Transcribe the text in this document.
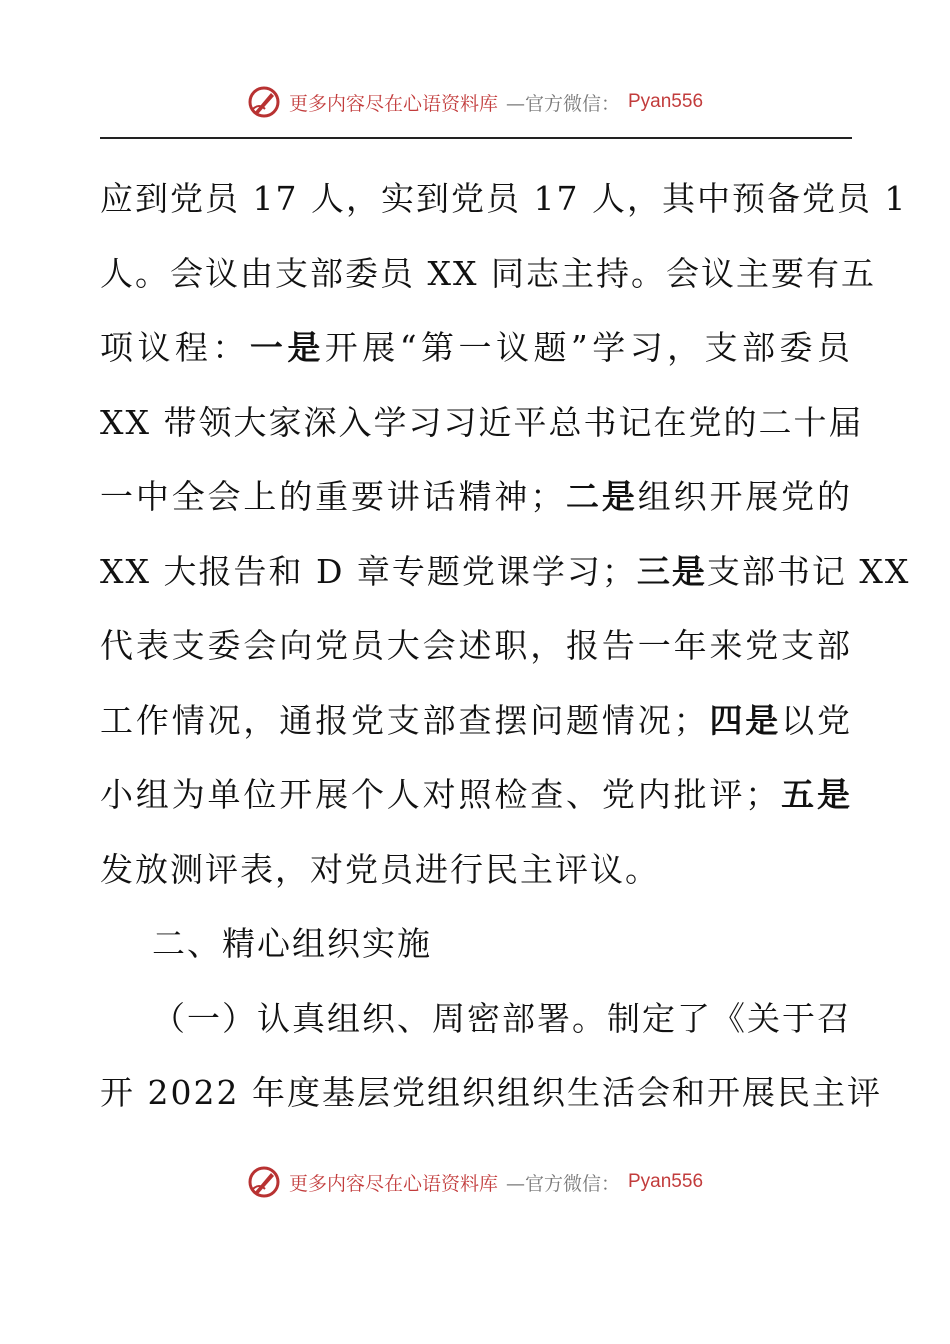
更多内容尽在心语资料库 —官方微信： Pyan556
应到党员 17 人，实到党员 17 人，其中预备党员 1
人。会议由支部委员 XX 同志主持。会议主要有五
项议程：一是开展“第一议题”学习，支部委员
XX 带领大家深入学习习近平总书记在党的二十届
一中全会上的重要讲话精神；二是组织开展党的
XX 大报告和 D 章专题党课学习；三是支部书记 XX
代表支委会向党员大会述职，报告一年来党支部
工作情况，通报党支部查摆问题情况；四是以党
小组为单位开展个人对照检查、党内批评；五是
发放测评表，对党员进行民主评议。
二、精心组织实施
（一）认真组织、周密部署。制定了《关于召
开 2022 年度基层党组织组织生活会和开展民主评
更多内容尽在心语资料库 —官方微信： Pyan556
